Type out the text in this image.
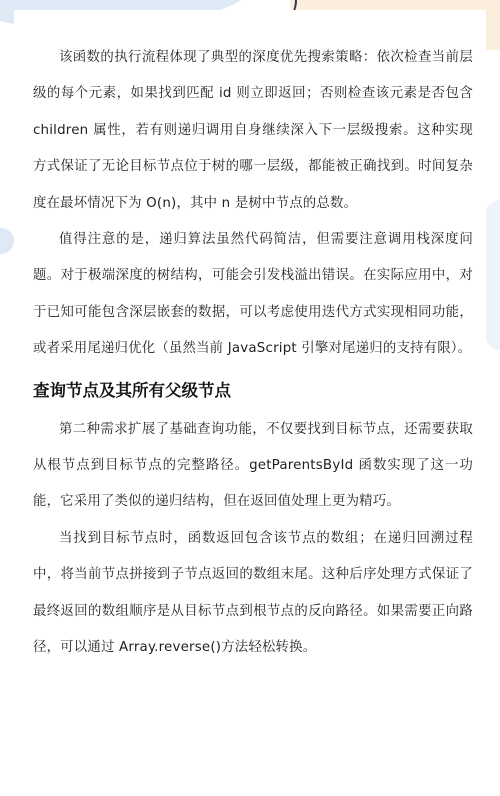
该函数的执行流程体现了典型的深度优先搜索策略：依次检查当前层级的每个元素，如果找到匹配 id 则立即返回；否则检查该元素是否包含 children 属性，若有则递归调用自身继续深入下一层级搜索。这种实现方式保证了无论目标节点位于树的哪一层级，都能被正确找到。时间复杂度在最坏情况下为 O(n)，其中 n 是树中节点的总数。

值得注意的是，递归算法虽然代码简洁，但需要注意调用栈深度问题。对于极端深度的树结构，可能会引发栈溢出错误。在实际应用中，对于已知可能包含深层嵌套的数据，可以考虑使用迭代方式实现相同功能，或者采用尾递归优化（虽然当前 JavaScript 引擎对尾递归的支持有限）。

查询节点及其所有父级节点

第二种需求扩展了基础查询功能，不仅要找到目标节点，还需要获取从根节点到目标节点的完整路径。getParentsById 函数实现了这一功能，它采用了类似的递归结构，但在返回值处理上更为精巧。

当找到目标节点时，函数返回包含该节点的数组；在递归回溯过程中，将当前节点拼接到子节点返回的数组末尾。这种后序处理方式保证了最终返回的数组顺序是从目标节点到根节点的反向路径。如果需要正向路径，可以通过 Array.reverse()方法轻松转换。
